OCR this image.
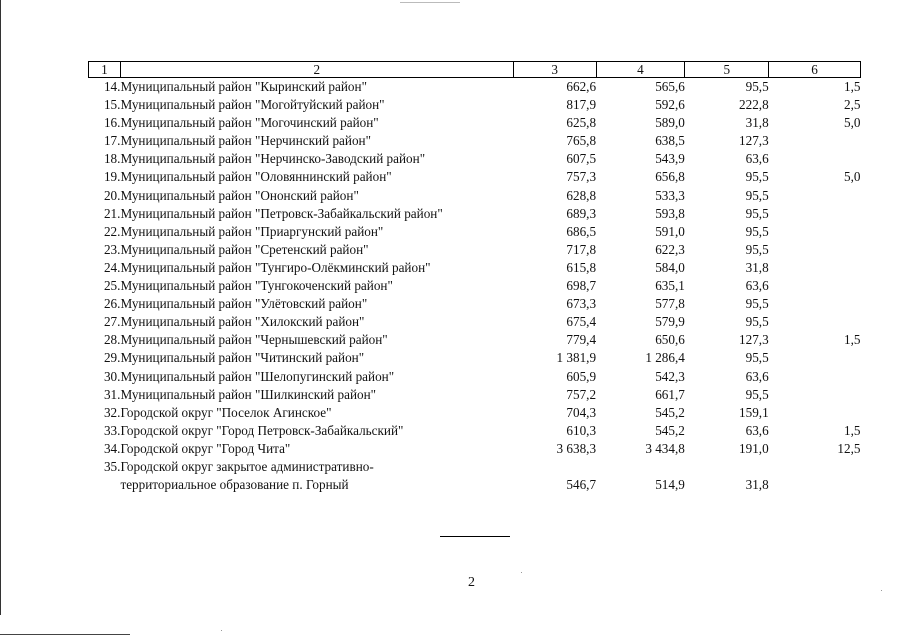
1	2	3	4	5	6
14.	Муниципальный район "Кыринский район"	662,6	565,6	95,5	1,5
15.	Муниципальный район "Могойтуйский район"	817,9	592,6	222,8	2,5
16.	Муниципальный район "Могочинский район"	625,8	589,0	31,8	5,0
17.	Муниципальный район "Нерчинский район"	765,8	638,5	127,3	
18.	Муниципальный район "Нерчинско-Заводский район"	607,5	543,9	63,6	
19.	Муниципальный район "Оловяннинский район"	757,3	656,8	95,5	5,0
20.	Муниципальный район "Ононский район"	628,8	533,3	95,5	
21.	Муниципальный район "Петровск-Забайкальский район"	689,3	593,8	95,5	
22.	Муниципальный район "Приаргунский район"	686,5	591,0	95,5	
23.	Муниципальный район "Сретенский район"	717,8	622,3	95,5	
24.	Муниципальный район "Тунгиро-Олёкминский район"	615,8	584,0	31,8	
25.	Муниципальный район "Тунгокоченский район"	698,7	635,1	63,6	
26.	Муниципальный район "Улётовский район"	673,3	577,8	95,5	
27.	Муниципальный район "Хилокский район"	675,4	579,9	95,5	
28.	Муниципальный район "Чернышевский район"	779,4	650,6	127,3	1,5
29.	Муниципальный район "Читинский район"	1 381,9	1 286,4	95,5	
30.	Муниципальный район "Шелопугинский район"	605,9	542,3	63,6	
31.	Муниципальный район "Шилкинский район"	757,2	661,7	95,5	
32.	Городской округ "Поселок Агинское"	704,3	545,2	159,1	
33.	Городской округ "Город Петровск-Забайкальский"	610,3	545,2	63,6	1,5
34.	Городской округ "Город Чита"	3 638,3	3 434,8	191,0	12,5
35.	Городской округ закрытое административно-
территориальное образование п. Горный	546,7	514,9	31,8	
2
